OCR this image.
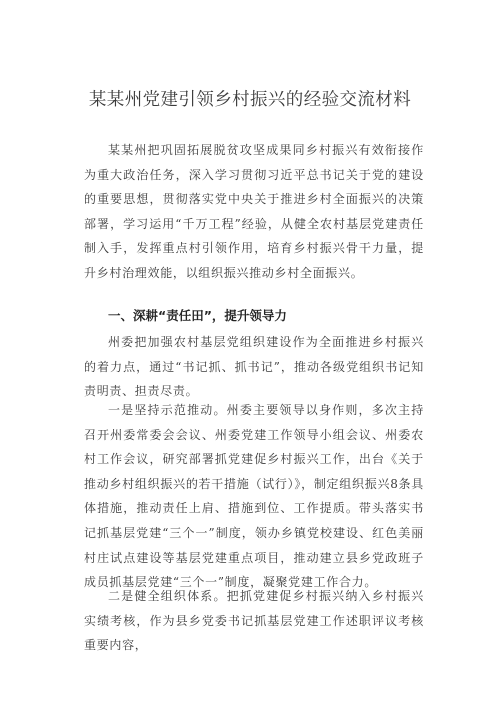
某某州党建引领乡村振兴的经验交流材料

某某州把巩固拓展脱贫攻坚成果同乡村振兴有效衔接作为重大政治任务，深入学习贯彻习近平总书记关于党的建设的重要思想，贯彻落实党中央关于推进乡村全面振兴的决策部署，学习运用“千万工程”经验，从健全农村基层党建责任制入手，发挥重点村引领作用，培育乡村振兴骨干力量，提升乡村治理效能，以组织振兴推动乡村全面振兴。

一、深耕“责任田”，提升领导力

州委把加强农村基层党组织建设作为全面推进乡村振兴的着力点，通过“书记抓、抓书记”，推动各级党组织书记知责明责、担责尽责。

一是坚持示范推动。州委主要领导以身作则，多次主持召开州委常委会会议、州委党建工作领导小组会议、州委农村工作会议，研究部署抓党建促乡村振兴工作，出台《关于推动乡村组织振兴的若干措施（试行）》，制定组织振兴8条具体措施，推动责任上肩、措施到位、工作提质。带头落实书记抓基层党建“三个一”制度，领办乡镇党校建设、红色美丽村庄试点建设等基层党建重点项目，推动建立县乡党政班子成员抓基层党建“三个一”制度，凝聚党建工作合力。

二是健全组织体系。把抓党建促乡村振兴纳入乡村振兴实绩考核，作为县乡党委书记抓基层党建工作述职评议考核重要内容，
